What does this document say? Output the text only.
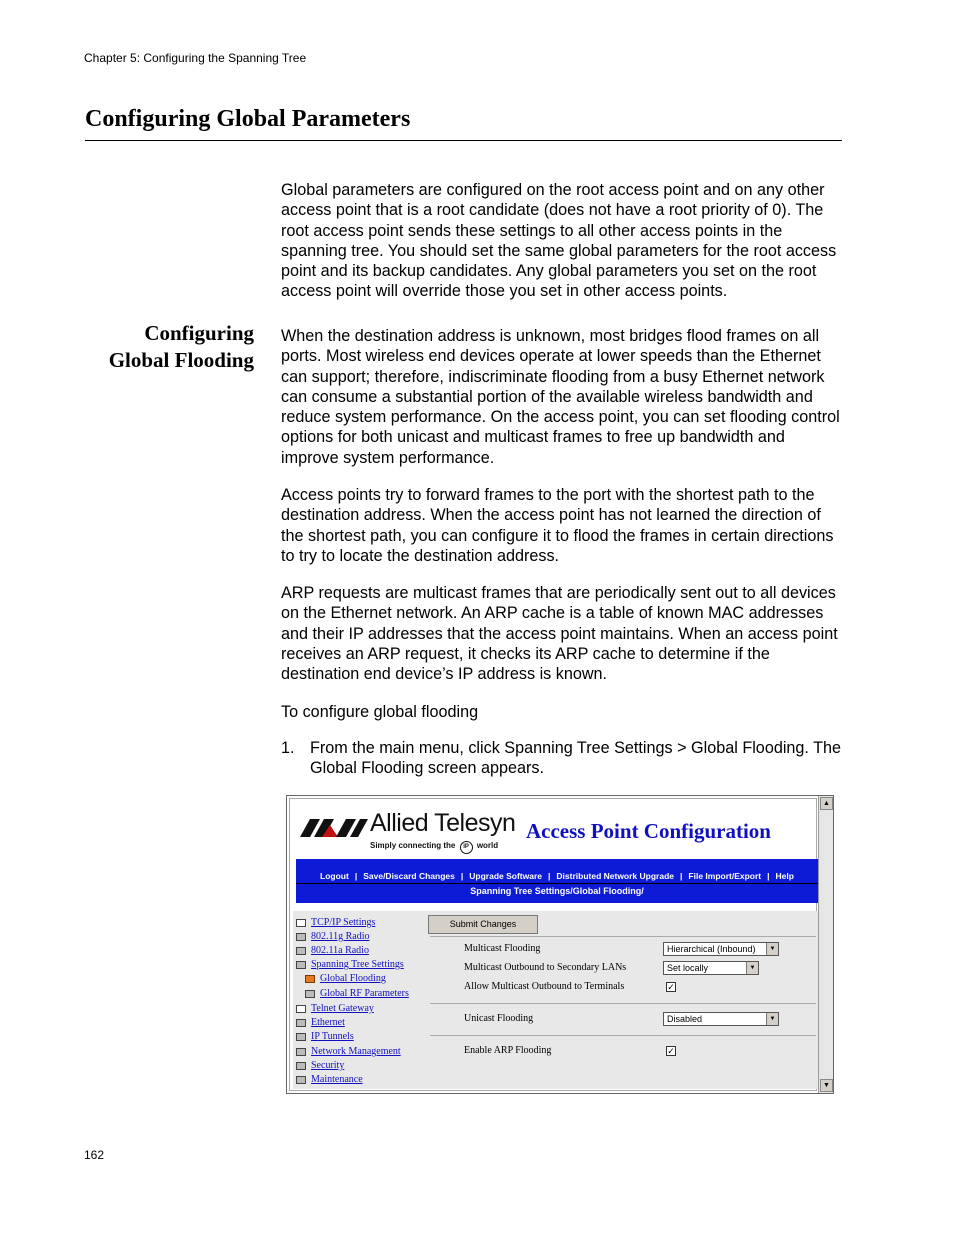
Chapter 5: Configuring the Spanning Tree
Configuring Global Parameters

Global parameters are configured on the root access point and on any other access point that is a root candidate (does not have a root priority of 0). The root access point sends these settings to all other access points in the spanning tree. You should set the same global parameters for the root access point and its backup candidates. Any global parameters you set on the root access point will override those you set in other access points.

Configuring
Global Flooding

When the destination address is unknown, most bridges flood frames on all ports. Most wireless end devices operate at lower speeds than the Ethernet can support; therefore, indiscriminate flooding from a busy Ethernet network can consume a substantial portion of the available wireless bandwidth and reduce system performance. On the access point, you can set flooding control options for both unicast and multicast frames to free up bandwidth and improve system performance.

Access points try to forward frames to the port with the shortest path to the destination address. When the access point has not learned the direction of the shortest path, you can configure it to flood the frames in certain directions to try to locate the destination address.

ARP requests are multicast frames that are periodically sent out to all devices on the Ethernet network. An ARP cache is a table of known MAC addresses and their IP addresses that the access point maintains. When an access point receives an ARP request, it checks its ARP cache to determine if the destination end device’s IP address is known.

To configure global flooding

1. From the main menu, click Spanning Tree Settings > Global Flooding. The Global Flooding screen appears.
Allied Telesyn
Simply connecting the IP world
Access Point Configuration
Logout | Save/Discard Changes | Upgrade Software | Distributed Network Upgrade | File Import/Export | Help
Spanning Tree Settings/Global Flooding/
TCP/IP Settings
802.11g Radio
802.11a Radio
Spanning Tree Settings
Global Flooding
Global RF Parameters
Telnet Gateway
Ethernet
IP Tunnels
Network Management
Security
Maintenance
Submit Changes
Multicast Flooding	Hierarchical (Inbound)	▼
Multicast Outbound to Secondary LANs	Set locally	▼
Allow Multicast Outbound to Terminals	✓
Unicast Flooding	Disabled	▼
Enable ARP Flooding	✓
▲
▼
162
